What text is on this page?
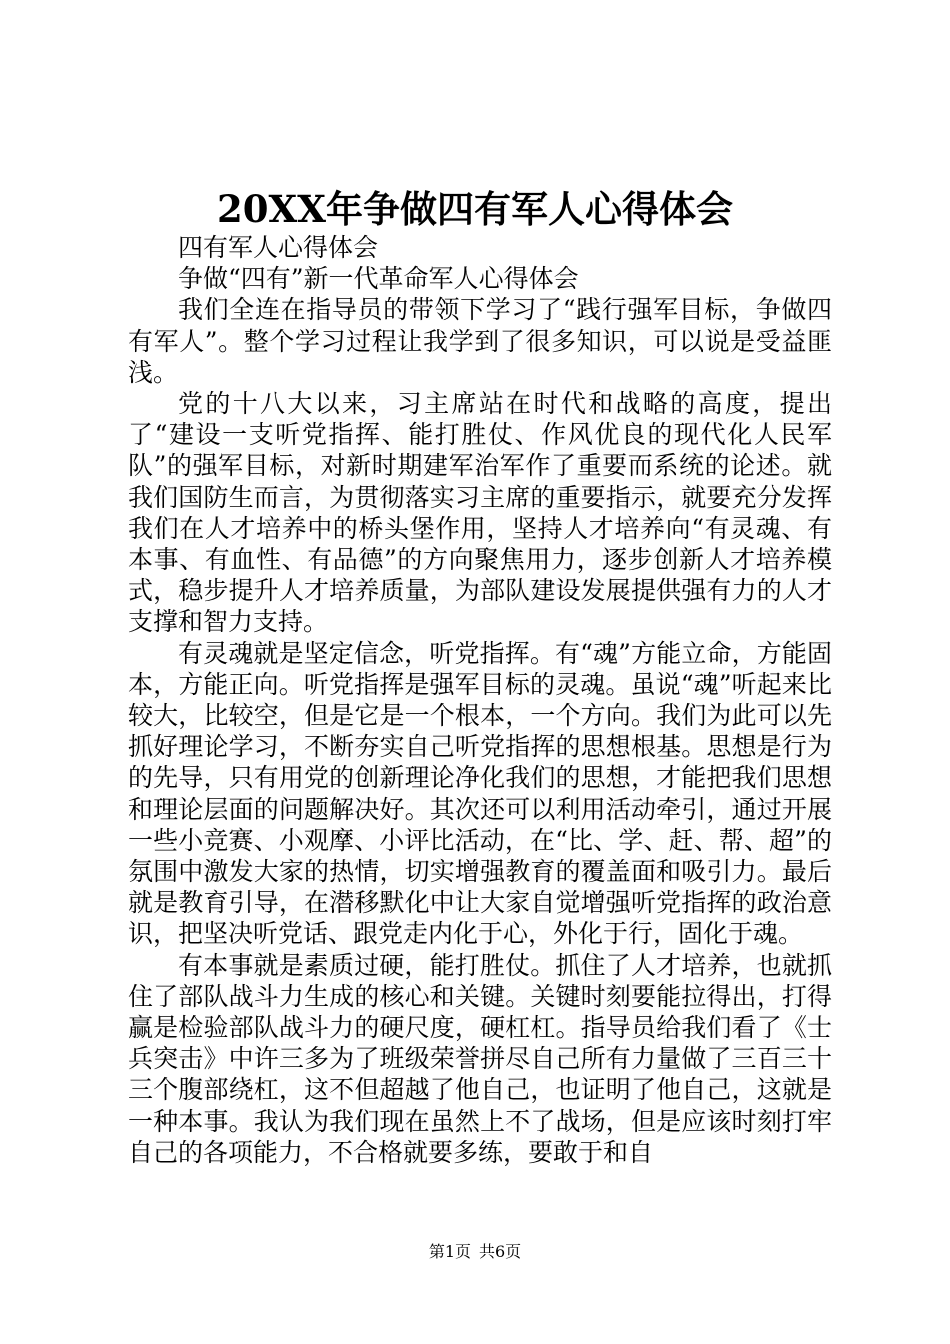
20XX年争做四有军人心得体会

四有军人心得体会

争做“四有”新一代革命军人心得体会

我们全连在指导员的带领下学习了“践行强军目标，争做四有军人”。整个学习过程让我学到了很多知识，可以说是受益匪浅。

党的十八大以来，习主席站在时代和战略的高度，提出了“建设一支听党指挥、能打胜仗、作风优良的现代化人民军队”的强军目标，对新时期建军治军作了重要而系统的论述。就我们国防生而言，为贯彻落实习主席的重要指示，就要充分发挥我们在人才培养中的桥头堡作用，坚持人才培养向“有灵魂、有本事、有血性、有品德”的方向聚焦用力，逐步创新人才培养模式，稳步提升人才培养质量，为部队建设发展提供强有力的人才支撑和智力支持。

有灵魂就是坚定信念，听党指挥。有“魂”方能立命，方能固本，方能正向。听党指挥是强军目标的灵魂。虽说“魂”听起来比较大，比较空，但是它是一个根本，一个方向。我们为此可以先抓好理论学习，不断夯实自己听党指挥的思想根基。思想是行为的先导，只有用党的创新理论净化我们的思想，才能把我们思想和理论层面的问题解决好。其次还可以利用活动牵引，通过开展一些小竞赛、小观摩、小评比活动，在“比、学、赶、帮、超”的氛围中激发大家的热情，切实增强教育的覆盖面和吸引力。最后就是教育引导，在潜移默化中让大家自觉增强听党指挥的政治意识，把坚决听党话、跟党走内化于心，外化于行，固化于魂。

有本事就是素质过硬，能打胜仗。抓住了人才培养，也就抓住了部队战斗力生成的核心和关键。关键时刻要能拉得出，打得赢是检验部队战斗力的硬尺度，硬杠杠。指导员给我们看了《士兵突击》中许三多为了班级荣誉拼尽自己所有力量做了三百三十三个腹部绕杠，这不但超越了他自己，也证明了他自己，这就是一种本事。我认为我们现在虽然上不了战场，但是应该时刻打牢自己的各项能力，不合格就要多练，要敢于和自

第1页 共6页
